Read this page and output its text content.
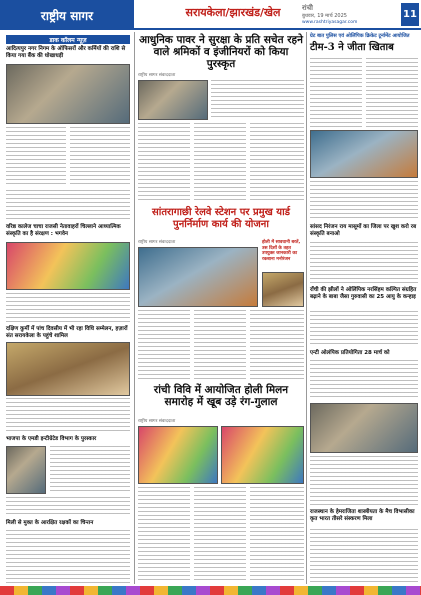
राष्ट्रीय सागर	सरायकेला/झारखंड/खेल	रांची
बुधवार, 19 मार्च 2025
www.rashtriyasagar.com
11
डाक कॉलम न्यूज़
आदित्यपुर नगर निगम के ऑफिसरों और कर्मियों की राशि से किया गया बैंक की धोखाधड़ी
वरिष्ठ कालेज चाचा राजसी नेतावाहरों चिल्लाने आध्यात्मिक संस्कृति का है संरक्षण : भगवेन
दक्षिण कुर्मी में पांच दिवसीय में भी रहा विधि सम्मेलन, हज़ारों संत सरायकेला के पहुंचे शामिल
भाजपा के एमडी इन्टीग्रेटेड विभाग के पुरस्कार
मिली से मुक्त के आरक्षित रक्षकों का चिन्तन
आधुनिक पावर ने सुरक्षा के प्रति सचेत रहने वाले श्रमिकों व इंजीनियरों को किया पुरस्कृत
राष्ट्रीय सागर संवाददाता
सांतरागाछी रेलवे स्टेशन पर प्रमुख यार्ड पुनर्निर्माण कार्य की योजना
राष्ट्रीय सागर संवाददाता	होली में सावधानी बरतें, उस दिशों के तहत उपयुक्त जानकारी का रकबाना मनोरंजन
रांची विवि में आयोजित होली मिलन समारोह में खूब उड़े रंग-गुलाल
राष्ट्रीय सागर संवाददाता
ग्रेट बात पुलिस एवं ओलिंपिक क्रिकेट टूर्नामेंट आयोजित
टीम-3 ने जीता खिताब
सांसद निरंजन राय मासूमों का जिला पर खुश करो रब संस्कृति बनाओ
राँची की झीलों ने ओलिंपिक नरसिंहम कल्पित संग्रहित बढ़ाने के बाबा जैसा गुरुवासी का 25 आयु के कन्हाइ
एन्टी ओलंपिक प्रतियोगिता 28 मार्च को
राजस्थान के हेमराजिता शास्त्रीयता के मैच विभासीका कृत भारत तीसरे संस्करण मिला
